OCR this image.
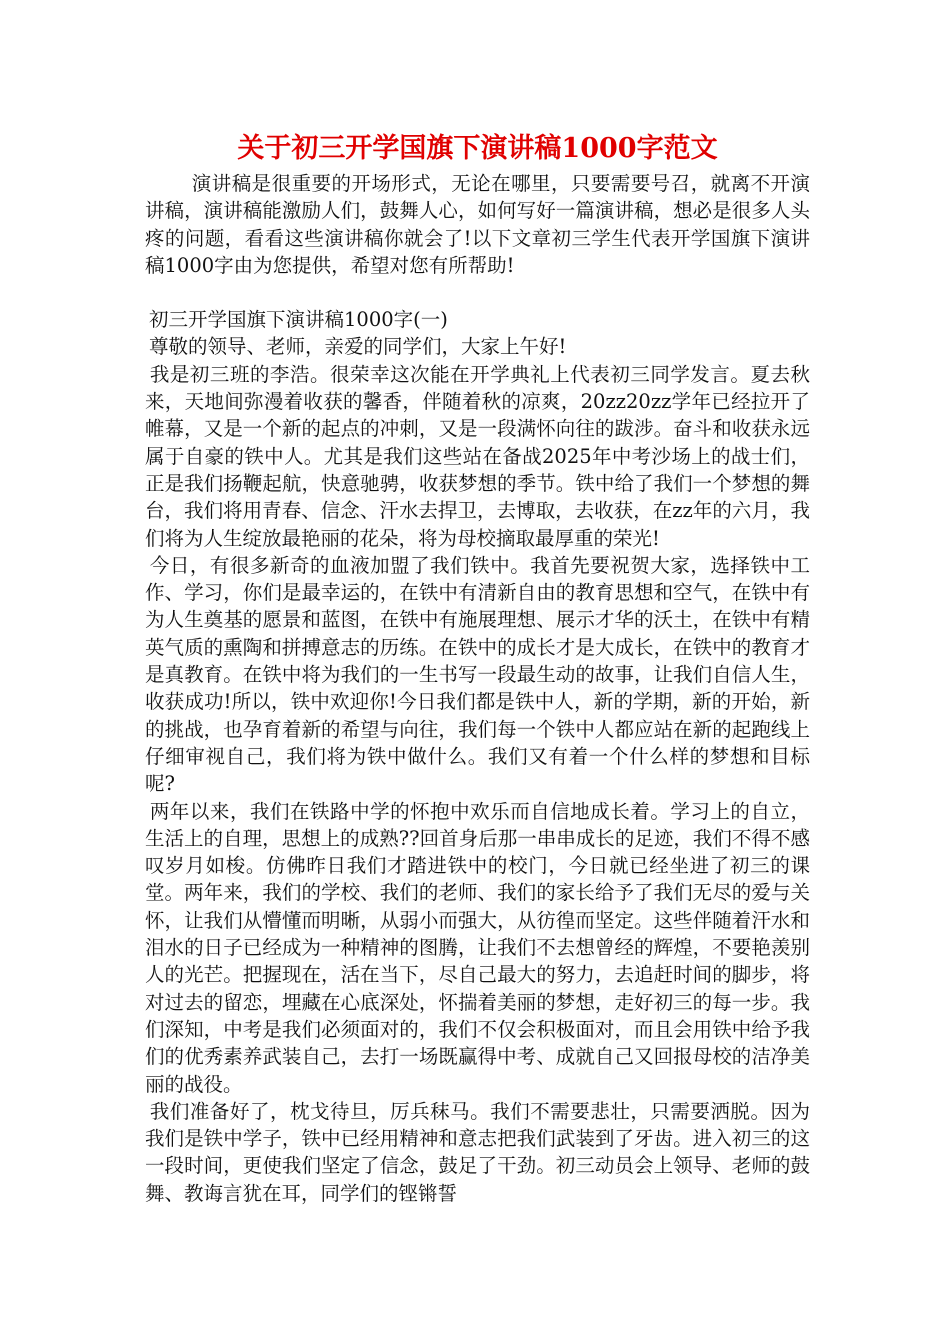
关于初三开学国旗下演讲稿1000字范文

演讲稿是很重要的开场形式，无论在哪里，只要需要号召，就离不开演讲稿，演讲稿能激励人们，鼓舞人心，如何写好一篇演讲稿，想必是很多人头疼的问题，看看这些演讲稿你就会了!以下文章初三学生代表开学国旗下演讲稿1000字由为您提供，希望对您有所帮助!

初三开学国旗下演讲稿1000字(一)

尊敬的领导、老师，亲爱的同学们，大家上午好!

我是初三班的李浩。很荣幸这次能在开学典礼上代表初三同学发言。夏去秋来，天地间弥漫着收获的馨香，伴随着秋的凉爽，20zz20zz学年已经拉开了帷幕，又是一个新的起点的冲刺，又是一段满怀向往的跋涉。奋斗和收获永远属于自豪的铁中人。尤其是我们这些站在备战2025年中考沙场上的战士们，正是我们扬鞭起航，快意驰骋，收获梦想的季节。铁中给了我们一个梦想的舞台，我们将用青春、信念、汗水去捍卫，去博取，去收获，在zz年的六月，我们将为人生绽放最艳丽的花朵，将为母校摘取最厚重的荣光!

今日，有很多新奇的血液加盟了我们铁中。我首先要祝贺大家，选择铁中工作、学习，你们是最幸运的，在铁中有清新自由的教育思想和空气，在铁中有为人生奠基的愿景和蓝图，在铁中有施展理想、展示才华的沃土，在铁中有精英气质的熏陶和拼搏意志的历练。在铁中的成长才是大成长，在铁中的教育才是真教育。在铁中将为我们的一生书写一段最生动的故事，让我们自信人生，收获成功!所以，铁中欢迎你!今日我们都是铁中人，新的学期，新的开始，新的挑战，也孕育着新的希望与向往，我们每一个铁中人都应站在新的起跑线上仔细审视自己，我们将为铁中做什么。我们又有着一个什么样的梦想和目标呢?

两年以来，我们在铁路中学的怀抱中欢乐而自信地成长着。学习上的自立，生活上的自理，思想上的成熟??回首身后那一串串成长的足迹，我们不得不感叹岁月如梭。仿佛昨日我们才踏进铁中的校门，今日就已经坐进了初三的课堂。两年来，我们的学校、我们的老师、我们的家长给予了我们无尽的爱与关怀，让我们从懵懂而明晰，从弱小而强大，从彷徨而坚定。这些伴随着汗水和泪水的日子已经成为一种精神的图腾，让我们不去想曾经的辉煌，不要艳羡别人的光芒。把握现在，活在当下，尽自己最大的努力，去追赶时间的脚步，将对过去的留恋，埋藏在心底深处，怀揣着美丽的梦想，走好初三的每一步。我们深知，中考是我们必须面对的，我们不仅会积极面对，而且会用铁中给予我们的优秀素养武装自己，去打一场既赢得中考、成就自己又回报母校的洁净美丽的战役。

我们准备好了，枕戈待旦，厉兵秣马。我们不需要悲壮，只需要洒脱。因为我们是铁中学子，铁中已经用精神和意志把我们武装到了牙齿。进入初三的这一段时间，更使我们坚定了信念，鼓足了干劲。初三动员会上领导、老师的鼓舞、教诲言犹在耳，同学们的铿锵誓
